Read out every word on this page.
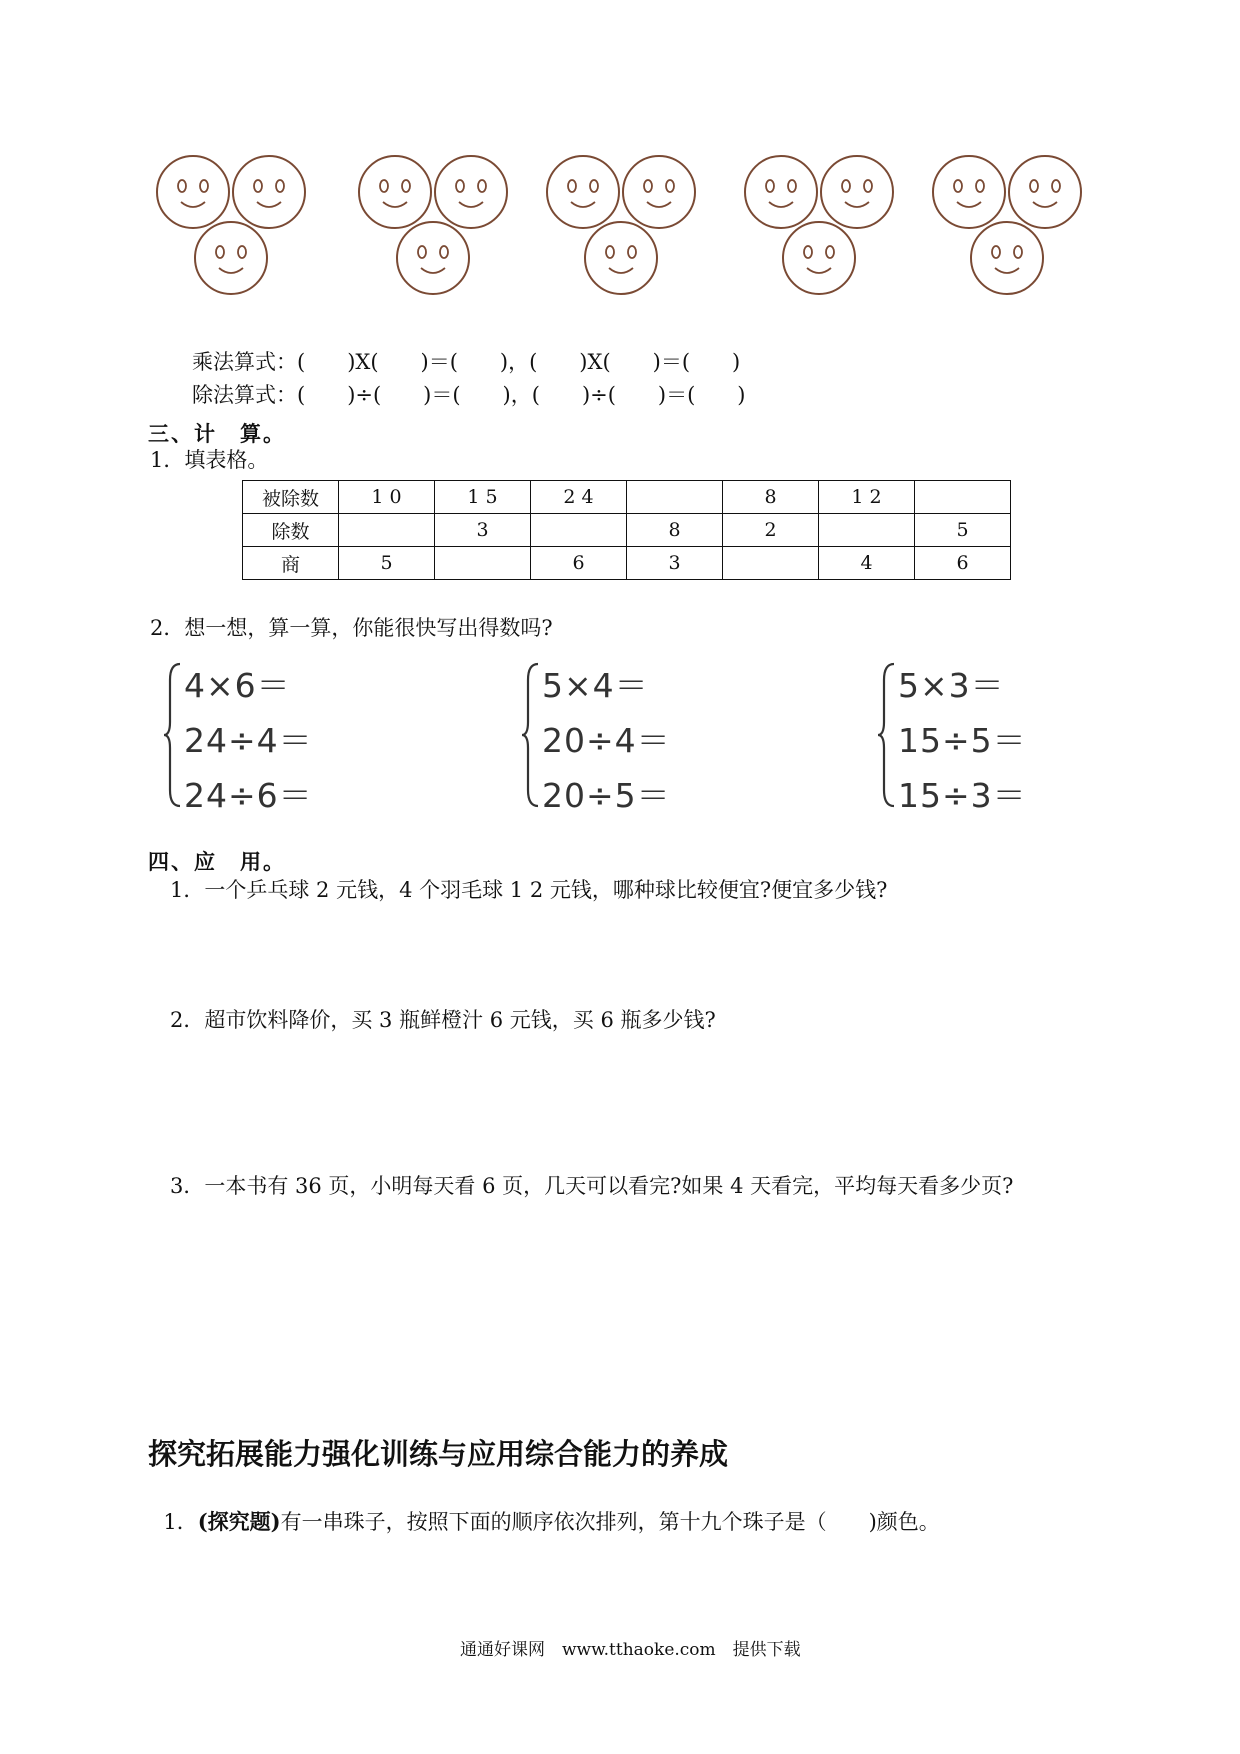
乘法算式：(　　)X(　　)＝(　　)，(　　)X(　　)＝(　　)
除法算式：(　　)÷(　　)＝(　　)，(　　)÷(　　)＝(　　)
三、计　算。
1．填表格。
被除数	1 0	1 5	2 4		8	1 2	
除数		3		8	2		5
商	5		6	3		4	6
2．想一想，算一算，你能很快写出得数吗?
4×6＝
24÷4＝
24÷6＝
5×4＝
20÷4＝
20÷5＝
5×3＝
15÷5＝
15÷3＝
四、应　用。
1．一个乒乓球 2 元钱，4 个羽毛球 1 2 元钱，哪种球比较便宜?便宜多少钱?
2．超市饮料降价，买 3 瓶鲜橙汁 6 元钱，买 6 瓶多少钱?
3．一本书有 36 页，小明每天看 6 页，几天可以看完?如果 4 天看完，平均每天看多少页?
探究拓展能力强化训练与应用综合能力的养成

1．(探究题)有一串珠子，按照下面的顺序依次排列，第十九个珠子是（　　)颜色。

通通好课网　www.tthaoke.com　提供下载
